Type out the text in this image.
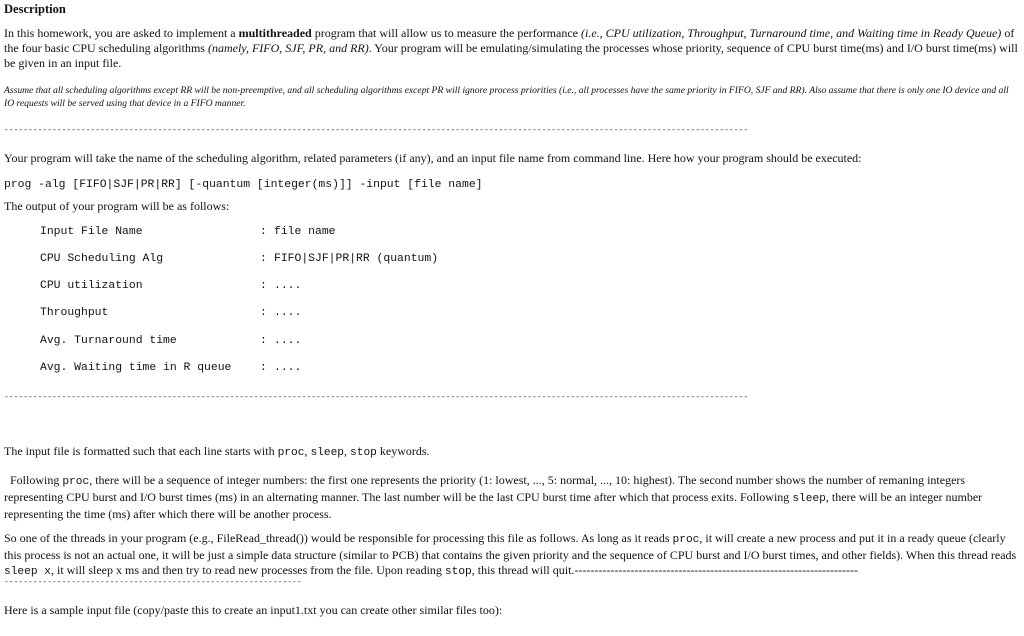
Description
In this homework, you are asked to implement a multithreaded program that will allow us to measure the performance (i.e., CPU utilization, Throughput, Turnaround time, and Waiting time in Ready Queue) of the four basic CPU scheduling algorithms (namely, FIFO, SJF, PR, and RR). Your program will be emulating/simulating the processes whose priority, sequence of CPU burst time(ms) and I/O burst time(ms) will be given in an input file.
Assume that all scheduling algorithms except RR will be non-preemptive, and all scheduling algorithms except PR will ignore process priorities (i.e., all processes have the same priority in FIFO, SJF and RR). Also assume that there is only one IO device and all IO requests will be served using that device in a FIFO manner.
-----------------------------------------------------------------------------------------------------------------------------------------------------------
Your program will take the name of the scheduling algorithm, related parameters (if any), and an input file name from command line. Here how your program should be executed:
prog -alg [FIFO|SJF|PR|RR] [-quantum [integer(ms)]] -input [file name]
The output of your program will be as follows:
Input File Name	: file name
CPU Scheduling Alg	: FIFO|SJF|PR|RR (quantum)
CPU utilization	: ....
Throughput	: ....
Avg. Turnaround time	: ....
Avg. Waiting time in R queue	: ....
-----------------------------------------------------------------------------------------------------------------------------------------------------------
The input file is formatted such that each line starts with proc, sleep, stop keywords.
Following proc, there will be a sequence of integer numbers: the first one represents the priority (1: lowest, ..., 5: normal, ..., 10: highest). The second number shows the number of remaning integers representing CPU burst and I/O burst times (ms) in an alternating manner. The last number will be the last CPU burst time after which that process exits. Following sleep, there will be an integer number representing the time (ms) after which there will be another process.
So one of the threads in your program (e.g., FileRead_thread()) would be responsible for processing this file as follows. As long as it reads proc, it will create a new process and put it in a ready queue (clearly this process is not an actual one, it will be just a simple data structure (similar to PCB) that contains the given priority and the sequence of CPU burst and I/O burst times, and other fields). When this thread reads sleep x, it will sleep x ms and then try to read new processes from the file. Upon reading stop, this thread will quit.-----------------------------------------------------------------------
--------------------------------------------------------------
Here is a sample input file (copy/paste this to create an input1.txt you can create other similar files too):
